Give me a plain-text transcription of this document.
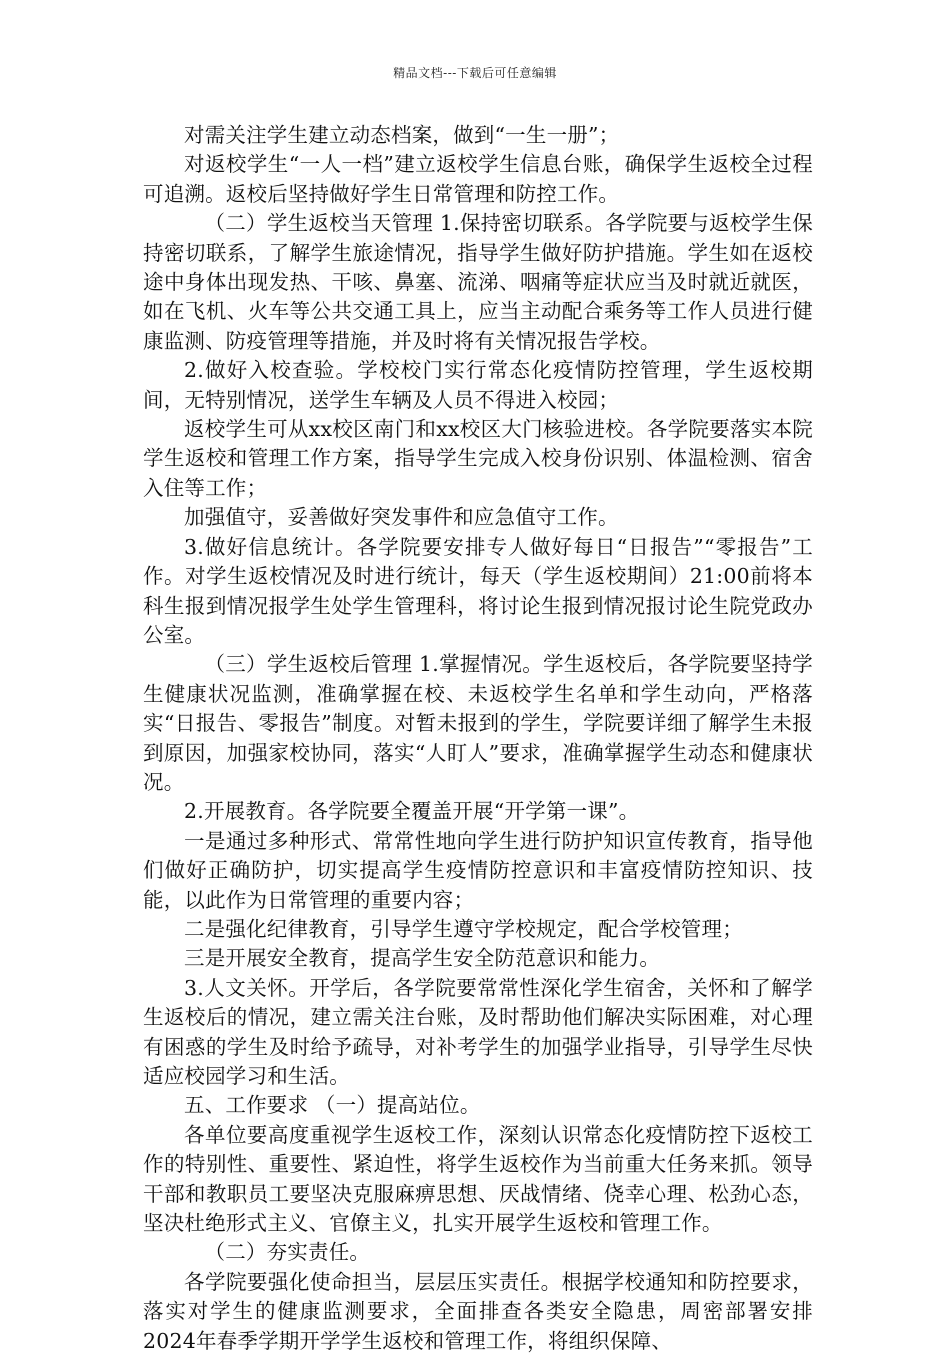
精品文档---下载后可任意编辑

对需关注学生建立动态档案，做到“一生一册”；

对返校学生“一人一档”建立返校学生信息台账，确保学生返校全过程可追溯。返校后坚持做好学生日常管理和防控工作。

（二）学生返校当天管理 1.保持密切联系。各学院要与返校学生保持密切联系，了解学生旅途情况，指导学生做好防护措施。学生如在返校途中身体出现发热、干咳、鼻塞、流涕、咽痛等症状应当及时就近就医，如在飞机、火车等公共交通工具上，应当主动配合乘务等工作人员进行健康监测、防疫管理等措施，并及时将有关情况报告学校。

2.做好入校查验。学校校门实行常态化疫情防控管理，学生返校期间，无特别情况，送学生车辆及人员不得进入校园；

返校学生可从xx校区南门和xx校区大门核验进校。各学院要落实本院学生返校和管理工作方案，指导学生完成入校身份识别、体温检测、宿舍入住等工作；

加强值守，妥善做好突发事件和应急值守工作。

3.做好信息统计。各学院要安排专人做好每日“日报告”“零报告”工作。对学生返校情况及时进行统计，每天（学生返校期间）21:00前将本科生报到情况报学生处学生管理科，将讨论生报到情况报讨论生院党政办公室。

（三）学生返校后管理 1.掌握情况。学生返校后，各学院要坚持学生健康状况监测，准确掌握在校、未返校学生名单和学生动向，严格落实“日报告、零报告”制度。对暂未报到的学生，学院要详细了解学生未报到原因，加强家校协同，落实“人盯人”要求，准确掌握学生动态和健康状况。

2.开展教育。各学院要全覆盖开展“开学第一课”。

一是通过多种形式、常常性地向学生进行防护知识宣传教育，指导他们做好正确防护，切实提高学生疫情防控意识和丰富疫情防控知识、技能，以此作为日常管理的重要内容；

二是强化纪律教育，引导学生遵守学校规定，配合学校管理；

三是开展安全教育，提高学生安全防范意识和能力。

3.人文关怀。开学后，各学院要常常性深化学生宿舍，关怀和了解学生返校后的情况，建立需关注台账，及时帮助他们解决实际困难，对心理有困惑的学生及时给予疏导，对补考学生的加强学业指导，引导学生尽快适应校园学习和生活。

五、工作要求 （一）提高站位。

各单位要高度重视学生返校工作，深刻认识常态化疫情防控下返校工作的特别性、重要性、紧迫性，将学生返校作为当前重大任务来抓。领导干部和教职员工要坚决克服麻痹思想、厌战情绪、侥幸心理、松劲心态，坚决杜绝形式主义、官僚主义，扎实开展学生返校和管理工作。

（二）夯实责任。

各学院要强化使命担当，层层压实责任。根据学校通知和防控要求，落实对学生的健康监测要求，全面排查各类安全隐患，周密部署安排2024年春季学期开学学生返校和管理工作，将组织保障、
